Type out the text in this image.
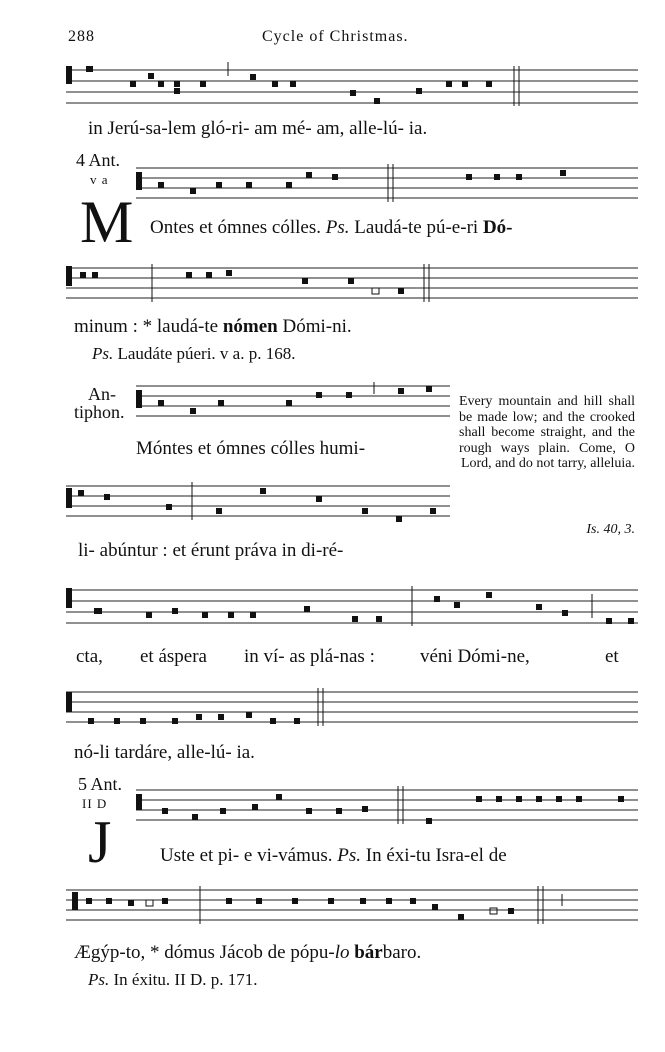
288	Cycle of Christmas.
in Jerú-sa-lem gló-ri- am mé- am, alle-lú- ia.
4 Ant.
v a
M Ontes et ómnes cólles. Ps. Laudá-te pú-e-ri Dó-
minum : * laudá-te nómen Dómi-ni.
Ps. Laudáte púeri. v a. p. 168.
An-
tiphon.
Móntes et ómnes cólles humi-
Every mountain and hill shall be made low; and the crooked shall become straight, and the rough ways plain. Come, O Lord, and do not tarry, alleluia.
Is. 40, 3.
li- abúntur : et érunt práva in di-ré-
cta, et áspera in ví- as plá-nas : véni Dómi-ne,	et
nó-li tardáre, alle-lú- ia.
5 Ant.
II D
J	Uste et pi- e vi-vámus. Ps. In éxi-tu Isra-el de
Ægýp-to, * dómus Jácob de pópu-lo bárbaro.
Ps. In éxitu. II D. p. 171.
